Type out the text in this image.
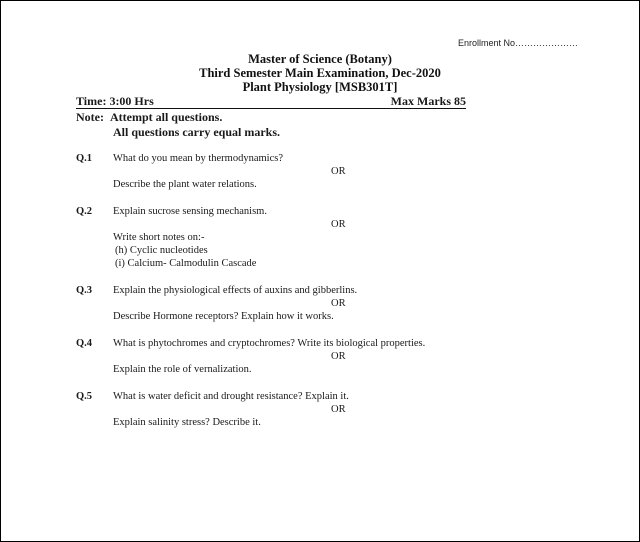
Enrollment No…………………
Master of Science (Botany)
Third Semester Main Examination, Dec-2020
Plant Physiology [MSB301T]
Time: 3:00 Hrs	Max Marks 85
Note: Attempt all questions.
All questions carry equal marks.
Q.1 What do you mean by thermodynamics?
OR
Describe the plant water relations.
Q.2 Explain sucrose sensing mechanism.
OR
Write short notes on:-
(h) Cyclic nucleotides
(i) Calcium- Calmodulin Cascade
Q.3 Explain the physiological effects of auxins and gibberlins.
OR
Describe Hormone receptors? Explain how it works.
Q.4 What is phytochromes and cryptochromes? Write its biological properties.
OR
Explain the role of vernalization.
Q.5 What is water deficit and drought resistance? Explain it.
OR
Explain salinity stress? Describe it.
